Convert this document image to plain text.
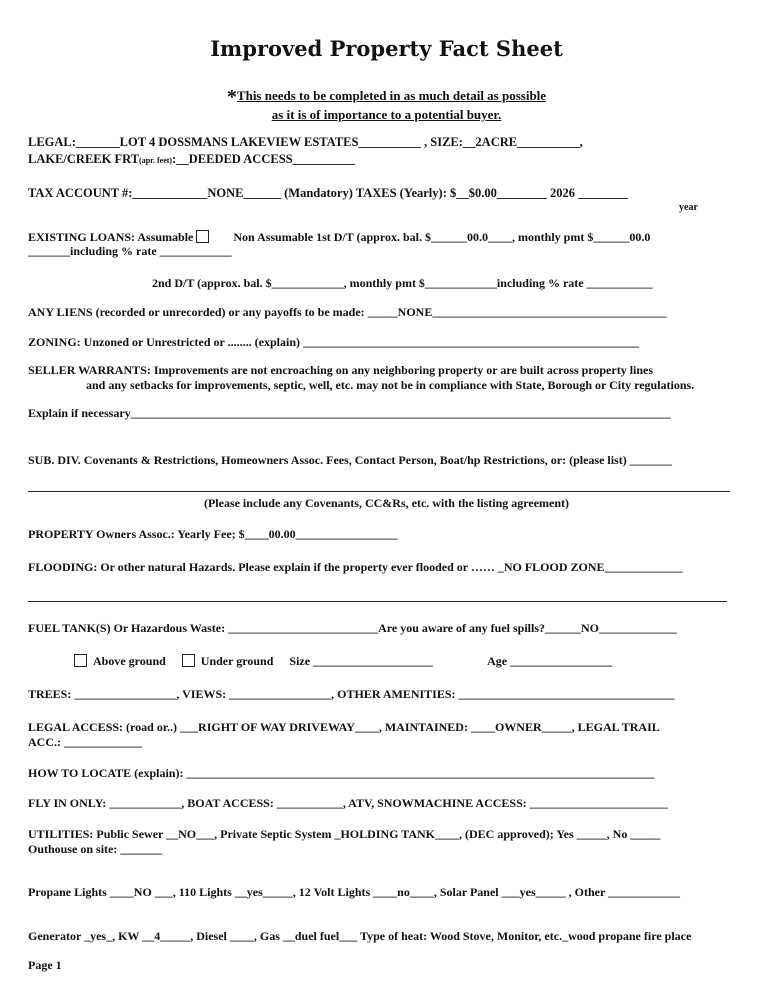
Improved Property Fact Sheet
*This needs to be completed in as much detail as possible
as it is of importance to a potential buyer.
LEGAL:_______LOT 4 DOSSMANS LAKEVIEW ESTATES__________ , SIZE:__2ACRE__________,
LAKE/CREEK FRT(apr. feet):__DEEDED ACCESS__________
TAX ACCOUNT #:____________NONE______ (Mandatory) TAXES (Yearly): $__$0.00________ 2026 ________
year
EXISTING LOANS: Assumable	Non Assumable 1st D/T (approx. bal. $______00.0____, monthly pmt $______00.0
_______including % rate ____________
2nd D/T (approx. bal. $____________, monthly pmt $____________including % rate ___________
ANY LIENS (recorded or unrecorded) or any payoffs to be made: _____NONE_______________________________________
ZONING: Unzoned or Unrestricted or ........ (explain) ________________________________________________________
SELLER WARRANTS: Improvements are not encroaching on any neighboring property or are built across property lines
and any setbacks for improvements, septic, well, etc. may not be in compliance with State, Borough or City regulations.
Explain if necessary__________________________________________________________________________________________
SUB. DIV. Covenants & Restrictions, Homeowners Assoc. Fees, Contact Person, Boat/hp Restrictions, or: (please list) _______
(Please include any Covenants, CC&Rs, etc. with the listing agreement)
PROPERTY Owners Assoc.: Yearly Fee; $____00.00_________________
FLOODING: Or other natural Hazards. Please explain if the property ever flooded or …… _NO FLOOD ZONE_____________
FUEL TANK(S) Or Hazardous Waste: _________________________Are you aware of any fuel spills?______NO_____________
Above ground	Under ground Size ____________________	Age _________________
TREES: _________________, VIEWS: _________________, OTHER AMENITIES: ____________________________________
LEGAL ACCESS: (road or..) ___RIGHT OF WAY DRIVEWAY____, MAINTAINED: ____OWNER_____, LEGAL TRAIL
ACC.: _____________
HOW TO LOCATE (explain): ______________________________________________________________________________
FLY IN ONLY: ____________, BOAT ACCESS: ___________, ATV, SNOWMACHINE ACCESS: _______________________
UTILITIES: Public Sewer __NO___, Private Septic System _HOLDING TANK____, (DEC approved); Yes _____, No _____
Outhouse on site: _______
Propane Lights ____NO ___, 110 Lights __yes_____, 12 Volt Lights ____no____, Solar Panel ___yes_____ , Other ____________
Generator _yes_, KW __4_____, Diesel ____, Gas __duel fuel___ Type of heat: Wood Stove, Monitor, etc._wood propane fire place
Page 1
